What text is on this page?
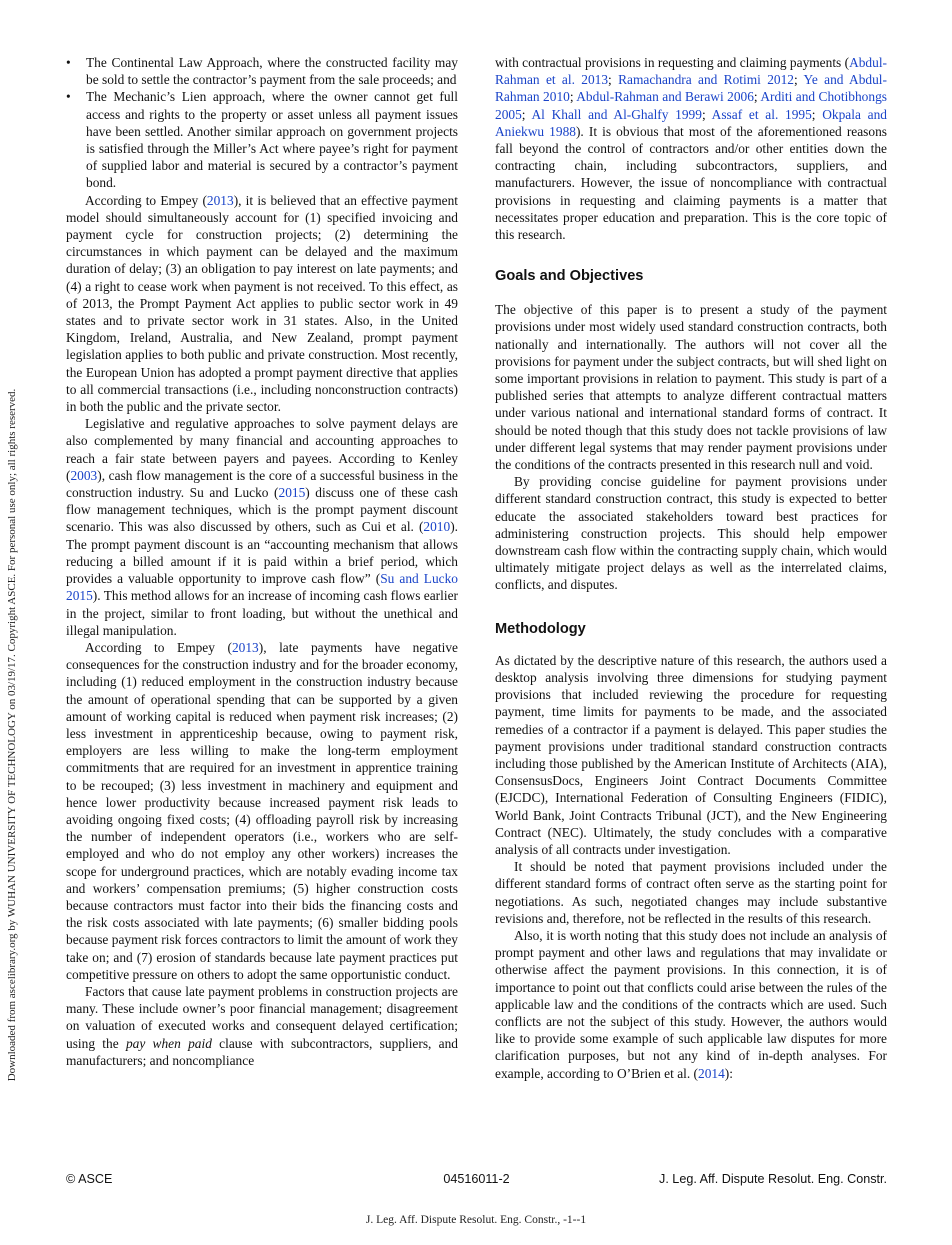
Downloaded from ascelibrary.org by WUHAN UNIVERSITY OF TECHNOLOGY on 03/19/17. Copyright ASCE. For personal use only; all rights reserved.
• The Continental Law Approach, where the constructed facility may be sold to settle the contractor’s payment from the sale proceeds; and
• The Mechanic’s Lien approach, where the owner cannot get full access and rights to the property or asset unless all payment issues have been settled. Another similar approach on government projects is satisfied through the Miller’s Act where payee’s right for payment of supplied labor and material is secured by a contractor’s payment bond.

According to Empey (2013), it is believed that an effective payment model should simultaneously account for (1) specified invoicing and payment cycle for construction projects; (2) determining the circumstances in which payment can be delayed and the maximum duration of delay; (3) an obligation to pay interest on late payments; and (4) a right to cease work when payment is not received. To this effect, as of 2013, the Prompt Payment Act applies to public sector work in 49 states and to private sector work in 31 states. Also, in the United Kingdom, Ireland, Australia, and New Zealand, prompt payment legislation applies to both public and private construction. Most recently, the European Union has adopted a prompt payment directive that applies to all commercial transactions (i.e., including nonconstruction contracts) in both the public and the private sector.

Legislative and regulative approaches to solve payment delays are also complemented by many financial and accounting approaches to reach a fair state between payers and payees. According to Kenley (2003), cash flow management is the core of a successful business in the construction industry. Su and Lucko (2015) discuss one of these cash flow management techniques, which is the prompt payment discount scenario. This was also discussed by others, such as Cui et al. (2010). The prompt payment discount is an “accounting mechanism that allows reducing a billed amount if it is paid within a brief period, which provides a valuable opportunity to improve cash flow” (Su and Lucko 2015). This method allows for an increase of incoming cash flows earlier in the project, similar to front loading, but without the unethical and illegal manipulation.

According to Empey (2013), late payments have negative consequences for the construction industry and for the broader economy, including (1) reduced employment in the construction industry because the amount of operational spending that can be supported by a given amount of working capital is reduced when payment risk increases; (2) less investment in apprenticeship because, owing to payment risk, employers are less willing to make the long-term employment commitments that are required for an investment in apprentice training to be recouped; (3) less investment in machinery and equipment and hence lower productivity because increased payment risk leads to avoiding ongoing fixed costs; (4) offloading payroll risk by increasing the number of independent operators (i.e., workers who are self-employed and who do not employ any other workers) increases the scope for underground practices, which are notably evading income tax and workers’ compensation premiums; (5) higher construction costs because contractors must factor into their bids the financing costs and the risk costs associated with late payments; (6) smaller bidding pools because payment risk forces contractors to limit the amount of work they take on; and (7) erosion of standards because late payment practices put competitive pressure on others to adopt the same opportunistic conduct.

Factors that cause late payment problems in construction projects are many. These include owner’s poor financial management; disagreement on valuation of executed works and consequent delayed certification; using the pay when paid clause with subcontractors, suppliers, and manufacturers; and noncompliance

with contractual provisions in requesting and claiming payments (Abdul-Rahman et al. 2013; Ramachandra and Rotimi 2012; Ye and Abdul-Rahman 2010; Abdul-Rahman and Berawi 2006; Arditi and Chotibhongs 2005; Al Khall and Al-Ghalfy 1999; Assaf et al. 1995; Okpala and Aniekwu 1988). It is obvious that most of the aforementioned reasons fall beyond the control of contractors and/or other entities down the contracting chain, including subcontractors, suppliers, and manufacturers. However, the issue of noncompliance with contractual provisions in requesting and claiming payments is a matter that necessitates proper education and preparation. This is the core topic of this research.

Goals and Objectives

The objective of this paper is to present a study of the payment provisions under most widely used standard construction contracts, both nationally and internationally. The authors will not cover all the provisions for payment under the subject contracts, but will shed light on some important provisions in relation to payment. This study is part of a published series that attempts to analyze different contractual matters under various national and international standard forms of contract. It should be noted though that this study does not tackle provisions of law under different legal systems that may render payment provisions under the conditions of the contracts presented in this research null and void.

By providing concise guideline for payment provisions under different standard construction contract, this study is expected to better educate the associated stakeholders toward best practices for administering construction projects. This should help empower downstream cash flow within the contracting supply chain, which would ultimately mitigate project delays as well as the interrelated claims, conflicts, and disputes.

Methodology

As dictated by the descriptive nature of this research, the authors used a desktop analysis involving three dimensions for studying payment provisions that included reviewing the procedure for requesting payment, time limits for payments to be made, and the associated remedies of a contractor if a payment is delayed. This paper studies the payment provisions under traditional standard construction contracts including those published by the American Institute of Architects (AIA), ConsensusDocs, Engineers Joint Contract Documents Committee (EJCDC), International Federation of Consulting Engineers (FIDIC), World Bank, Joint Contracts Tribunal (JCT), and the New Engineering Contract (NEC). Ultimately, the study concludes with a comparative analysis of all contracts under investigation.

It should be noted that payment provisions included under the different standard forms of contract often serve as the starting point for negotiations. As such, negotiated changes may include substantive revisions and, therefore, not be reflected in the results of this research.

Also, it is worth noting that this study does not include an analysis of prompt payment and other laws and regulations that may invalidate or otherwise affect the payment provisions. In this connection, it is of importance to point out that conflicts could arise between the rules of the applicable law and the conditions of the contracts which are used. Such conflicts are not the subject of this study. However, the authors would like to provide some example of such applicable law disputes for more clarification purposes, but not any kind of in-depth analyses. For example, according to O’Brien et al. (2014):

© ASCE	04516011-2	J. Leg. Aff. Dispute Resolut. Eng. Constr.
J. Leg. Aff. Dispute Resolut. Eng. Constr., -1--1
